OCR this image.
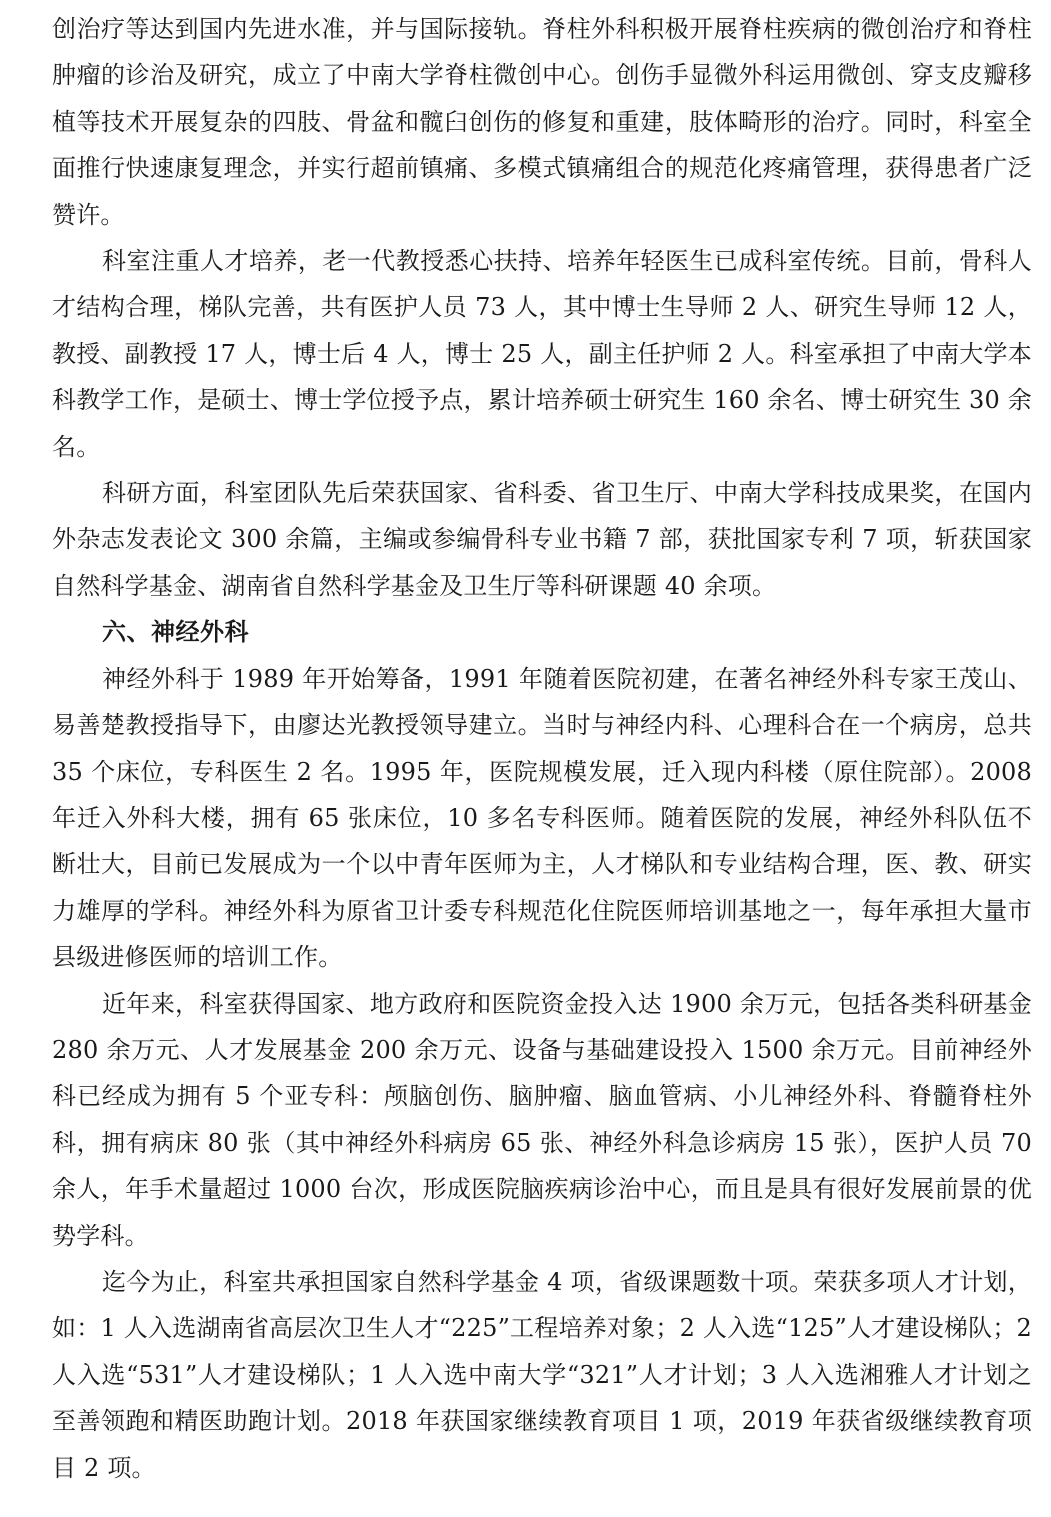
创治疗等达到国内先进水准，并与国际接轨。脊柱外科积极开展脊柱疾病的微创治疗和脊柱肿瘤的诊治及研究，成立了中南大学脊柱微创中心。创伤手显微外科运用微创、穿支皮瓣移植等技术开展复杂的四肢、骨盆和髋臼创伤的修复和重建，肢体畸形的治疗。同时，科室全面推行快速康复理念，并实行超前镇痛、多模式镇痛组合的规范化疼痛管理，获得患者广泛赞许。

科室注重人才培养，老一代教授悉心扶持、培养年轻医生已成科室传统。目前，骨科人才结构合理，梯队完善，共有医护人员 73 人，其中博士生导师 2 人、研究生导师 12 人，教授、副教授 17 人，博士后 4 人，博士 25 人，副主任护师 2 人。科室承担了中南大学本科教学工作，是硕士、博士学位授予点，累计培养硕士研究生 160 余名、博士研究生 30 余名。

科研方面，科室团队先后荣获国家、省科委、省卫生厅、中南大学科技成果奖，在国内外杂志发表论文 300 余篇，主编或参编骨科专业书籍 7 部，获批国家专利 7 项，斩获国家自然科学基金、湖南省自然科学基金及卫生厅等科研课题 40 余项。

六、神经外科

神经外科于 1989 年开始筹备，1991 年随着医院初建，在著名神经外科专家王茂山、易善楚教授指导下，由廖达光教授领导建立。当时与神经内科、心理科合在一个病房，总共 35 个床位，专科医生 2 名。1995 年，医院规模发展，迁入现内科楼（原住院部）。2008 年迁入外科大楼，拥有 65 张床位，10 多名专科医师。随着医院的发展，神经外科队伍不断壮大，目前已发展成为一个以中青年医师为主，人才梯队和专业结构合理，医、教、研实力雄厚的学科。神经外科为原省卫计委专科规范化住院医师培训基地之一，每年承担大量市县级进修医师的培训工作。

近年来，科室获得国家、地方政府和医院资金投入达 1900 余万元，包括各类科研基金 280 余万元、人才发展基金 200 余万元、设备与基础建设投入 1500 余万元。目前神经外科已经成为拥有 5 个亚专科：颅脑创伤、脑肿瘤、脑血管病、小儿神经外科、脊髓脊柱外科，拥有病床 80 张（其中神经外科病房 65 张、神经外科急诊病房 15 张），医护人员 70 余人，年手术量超过 1000 台次，形成医院脑疾病诊治中心，而且是具有很好发展前景的优势学科。

迄今为止，科室共承担国家自然科学基金 4 项，省级课题数十项。荣获多项人才计划，如：1 人入选湖南省高层次卫生人才“225”工程培养对象；2 人入选“125”人才建设梯队；2 人入选“531”人才建设梯队；1 人入选中南大学“321”人才计划；3 人入选湘雅人才计划之至善领跑和精医助跑计划。2018 年获国家继续教育项目 1 项，2019 年获省级继续教育项目 2 项。
